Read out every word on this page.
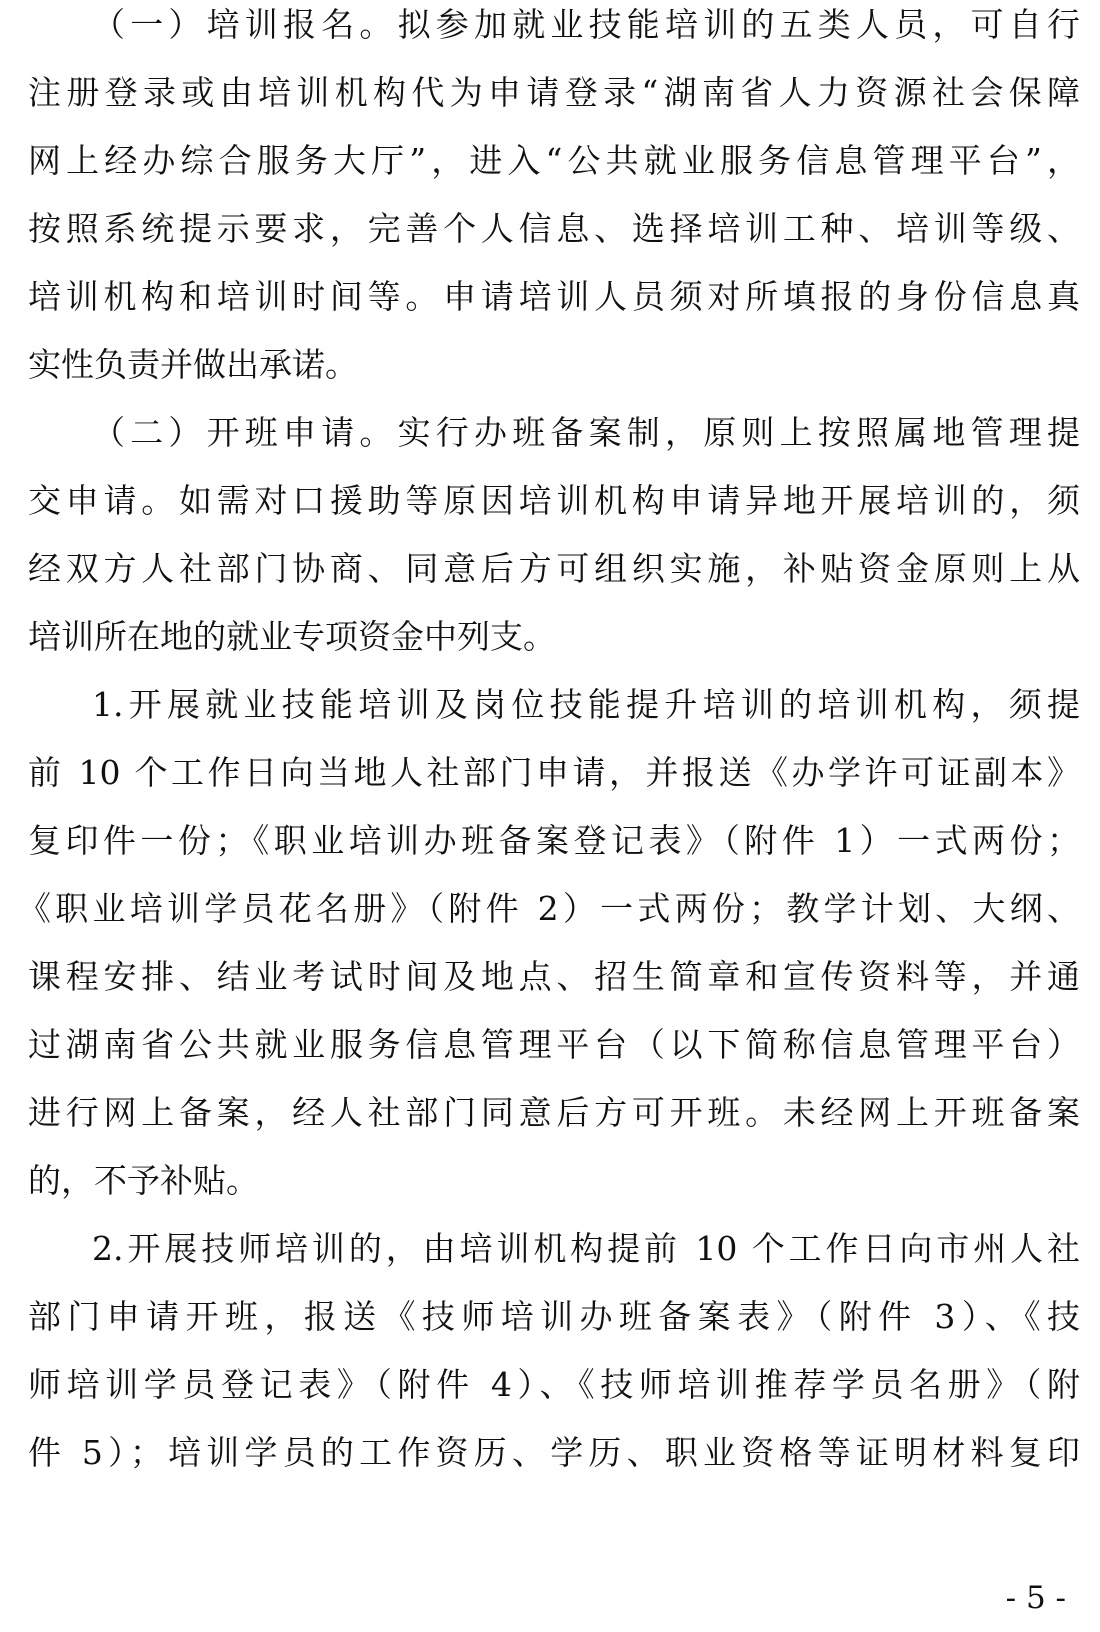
（一）培训报名。拟参加就业技能培训的五类人员，可自行
注册登录或由培训机构代为申请登录“湖南省人力资源社会保障
网上经办综合服务大厅”，进入“公共就业服务信息管理平台”，
按照系统提示要求，完善个人信息、选择培训工种、培训等级、
培训机构和培训时间等。申请培训人员须对所填报的身份信息真
实性负责并做出承诺。
（二）开班申请。实行办班备案制，原则上按照属地管理提
交申请。如需对口援助等原因培训机构申请异地开展培训的，须
经双方人社部门协商、同意后方可组织实施，补贴资金原则上从
培训所在地的就业专项资金中列支。
1.开展就业技能培训及岗位技能提升培训的培训机构，须提
前 10 个工作日向当地人社部门申请，并报送《办学许可证副本》
复印件一份；《职业培训办班备案登记表》（附件 1）一式两份；
《职业培训学员花名册》（附件 2）一式两份；教学计划、大纲、
课程安排、结业考试时间及地点、招生简章和宣传资料等，并通
过湖南省公共就业服务信息管理平台（以下简称信息管理平台）
进行网上备案，经人社部门同意后方可开班。未经网上开班备案
的，不予补贴。
2.开展技师培训的，由培训机构提前 10 个工作日向市州人社
部门申请开班，报送《技师培训办班备案表》（附件 3）、《技
师培训学员登记表》（附件 4）、《技师培训推荐学员名册》（附
件 5）；培训学员的工作资历、学历、职业资格等证明材料复印
- 5 -
